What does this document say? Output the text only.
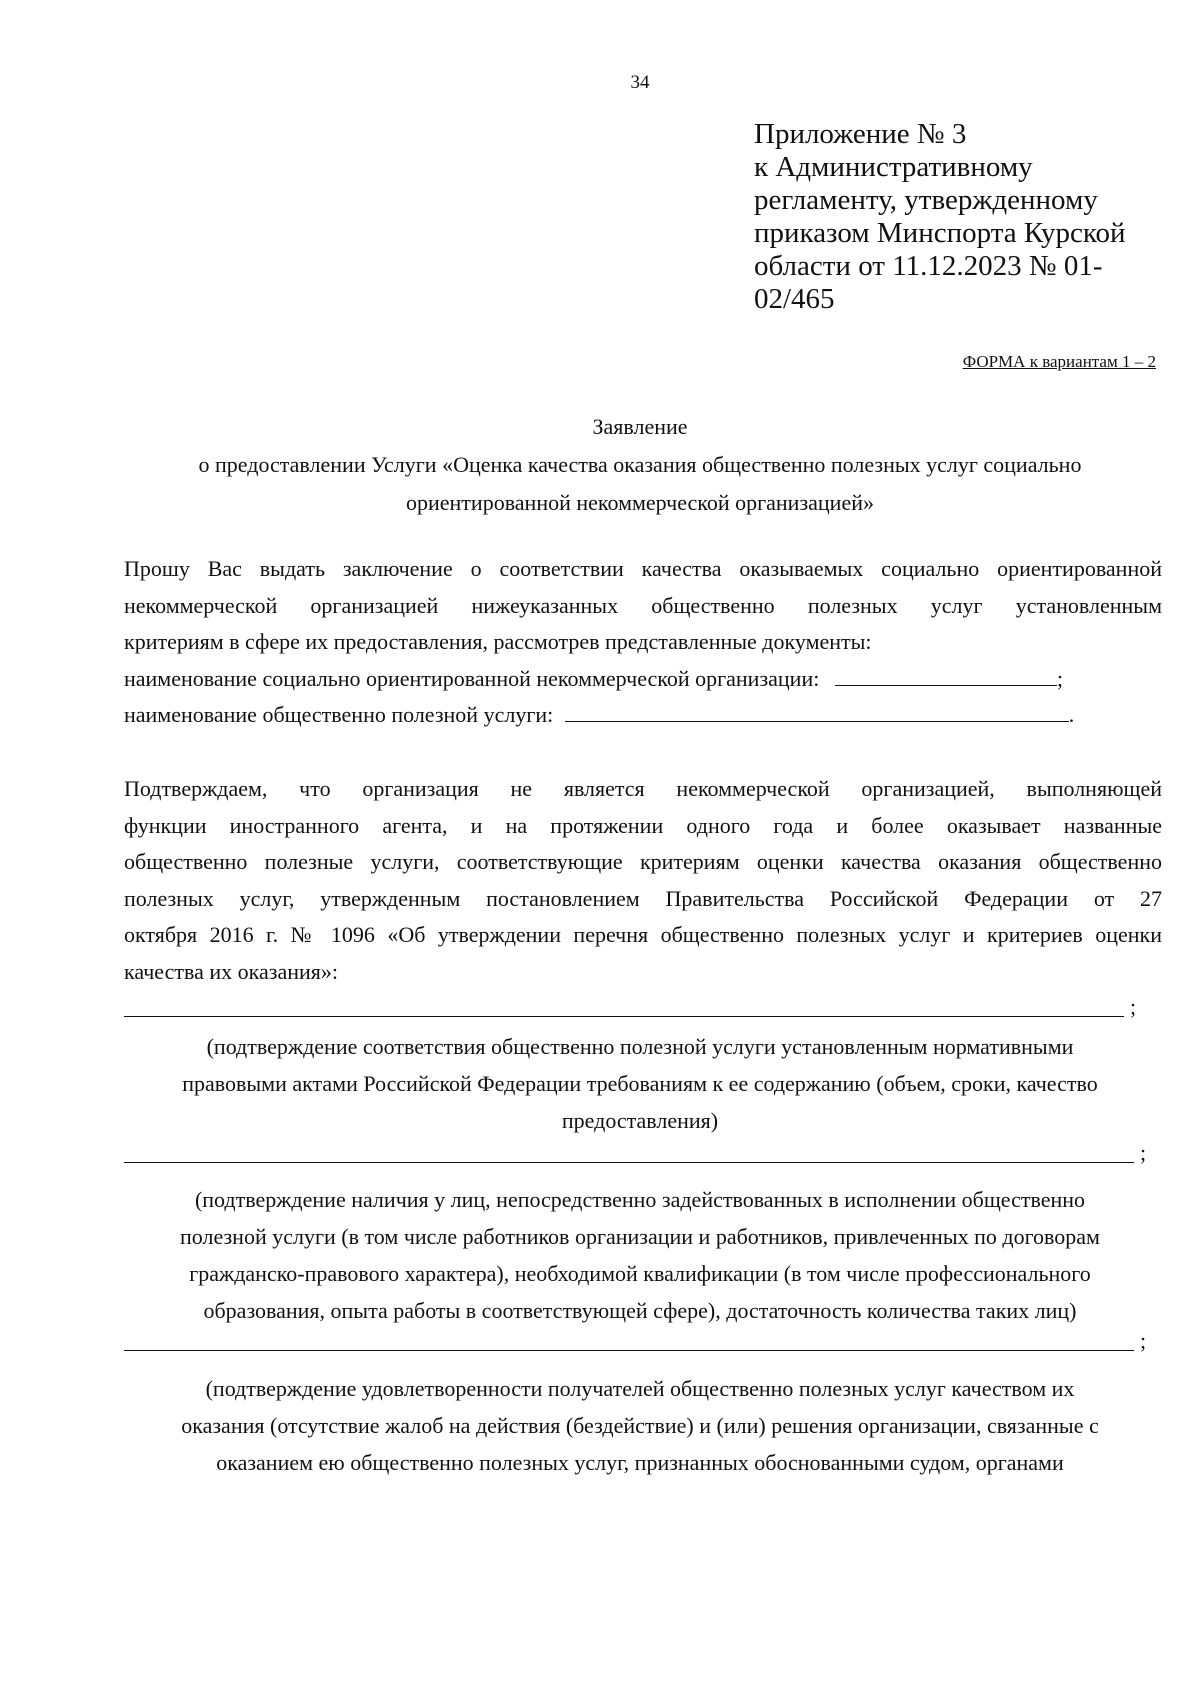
34
Приложение № 3
к Административному
регламенту, утвержденному
приказом Минспорта Курской
области от 11.12.2023 № 01-
02/465
ФОРМА к вариантам 1 – 2
Заявление
о предоставлении Услуги «Оценка качества оказания общественно полезных услуг социально
ориентированной некоммерческой организацией»
Прошу Вас выдать заключение о соответствии качества оказываемых социально ориентированной
некоммерческой организацией нижеуказанных общественно полезных услуг установленным
критериям в сфере их предоставления, рассмотрев представленные документы:
наименование социально ориентированной некоммерческой организации:	;
наименование общественно полезной услуги:	.
Подтверждаем, что организация не является некоммерческой организацией, выполняющей
функции иностранного агента, и на протяжении одного года и более оказывает названные
общественно полезные услуги, соответствующие критериям оценки качества оказания общественно
полезных услуг, утвержденным постановлением Правительства Российской Федерации от 27
октября 2016 г. № 1096 «Об утверждении перечня общественно полезных услуг и критериев оценки
качества их оказания»:
;
(подтверждение соответствия общественно полезной услуги установленным нормативными
правовыми актами Российской Федерации требованиям к ее содержанию (объем, сроки, качество
предоставления)
;
(подтверждение наличия у лиц, непосредственно задействованных в исполнении общественно
полезной услуги (в том числе работников организации и работников, привлеченных по договорам
гражданско-правового характера), необходимой квалификации (в том числе профессионального
образования, опыта работы в соответствующей сфере), достаточность количества таких лиц)
;
(подтверждение удовлетворенности получателей общественно полезных услуг качеством их
оказания (отсутствие жалоб на действия (бездействие) и (или) решения организации, связанные с
оказанием ею общественно полезных услуг, признанных обоснованными судом, органами
